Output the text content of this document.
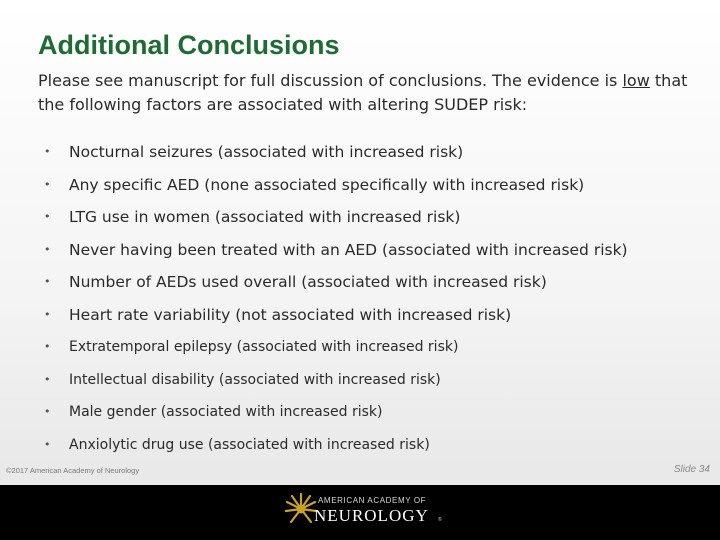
Additional Conclusions

Please see manuscript for full discussion of conclusions. The evidence is low that the following factors are associated with altering SUDEP risk:

• Nocturnal seizures (associated with increased risk)
• Any specific AED (none associated specifically with increased risk)
• LTG use in women (associated with increased risk)
• Never having been treated with an AED (associated with increased risk)
• Number of AEDs used overall (associated with increased risk)
• Heart rate variability (not associated with increased risk)
• Extratemporal epilepsy (associated with increased risk)
• Intellectual disability (associated with increased risk)
• Male gender (associated with increased risk)
• Anxiolytic drug use (associated with increased risk)
©2017 American Academy of Neurology	Slide 34
AMERICAN ACADEMY OF
NEUROLOGY ®
